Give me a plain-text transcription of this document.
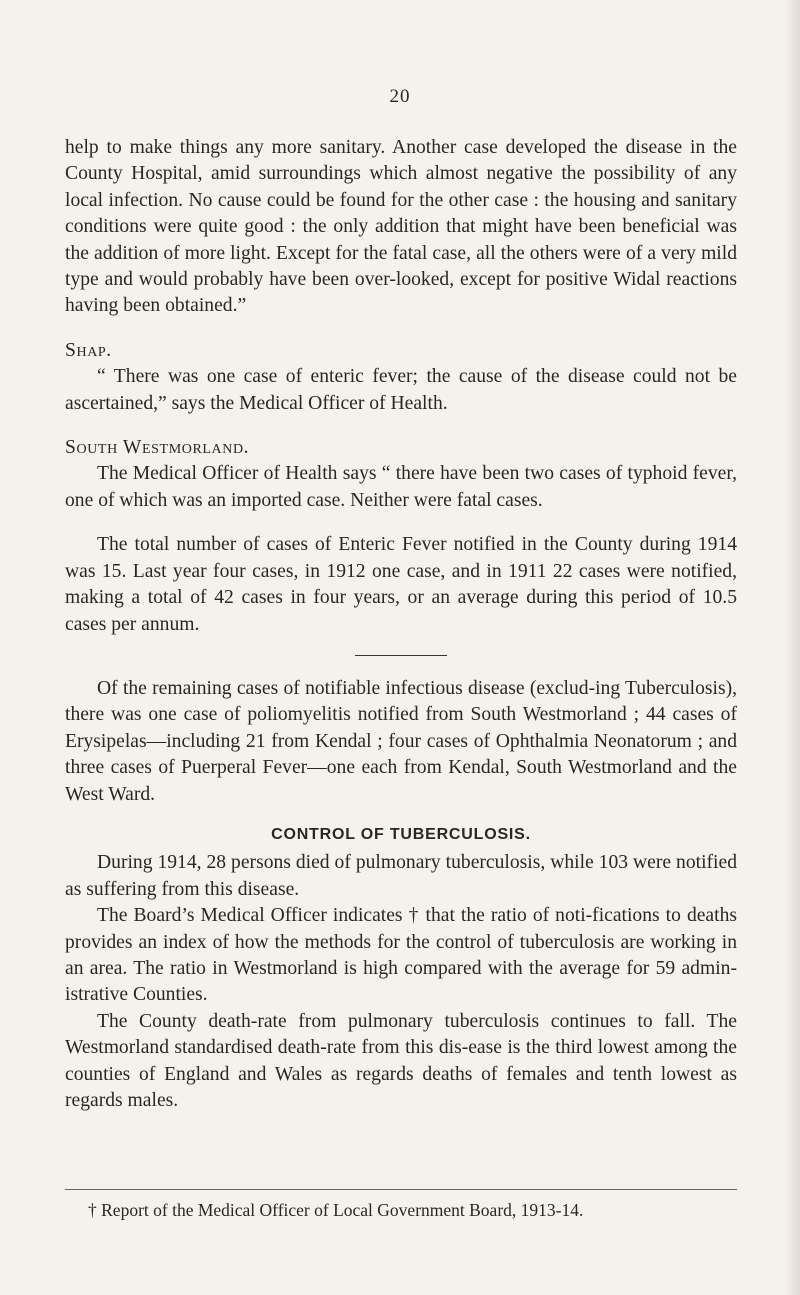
20

help to make things any more sanitary. Another case developed the disease in the County Hospital, amid surroundings which almost negative the possibility of any local infection. No cause could be found for the other case : the housing and sanitary conditions were quite good : the only addition that might have been beneficial was the addition of more light. Except for the fatal case, all the others were of a very mild type and would probably have been over-looked, except for positive Widal reactions having been obtained.”

Shap.

“ There was one case of enteric fever; the cause of the disease could not be ascertained,” says the Medical Officer of Health.

South Westmorland.

The Medical Officer of Health says “ there have been two cases of typhoid fever, one of which was an imported case. Neither were fatal cases.

The total number of cases of Enteric Fever notified in the County during 1914 was 15. Last year four cases, in 1912 one case, and in 1911 22 cases were notified, making a total of 42 cases in four years, or an average during this period of 10.5 cases per annum.

Of the remaining cases of notifiable infectious disease (exclud-ing Tuberculosis), there was one case of poliomyelitis notified from South Westmorland ; 44 cases of Erysipelas—including 21 from Kendal ; four cases of Ophthalmia Neonatorum ; and three cases of Puerperal Fever—one each from Kendal, South Westmorland and the West Ward.

CONTROL OF TUBERCULOSIS.

During 1914, 28 persons died of pulmonary tuberculosis, while 103 were notified as suffering from this disease.

The Board’s Medical Officer indicates † that the ratio of noti-fications to deaths provides an index of how the methods for the control of tuberculosis are working in an area. The ratio in Westmorland is high compared with the average for 59 admin-istrative Counties.

The County death-rate from pulmonary tuberculosis continues to fall. The Westmorland standardised death-rate from this dis-ease is the third lowest among the counties of England and Wales as regards deaths of females and tenth lowest as regards males.

† Report of the Medical Officer of Local Government Board, 1913-14.
